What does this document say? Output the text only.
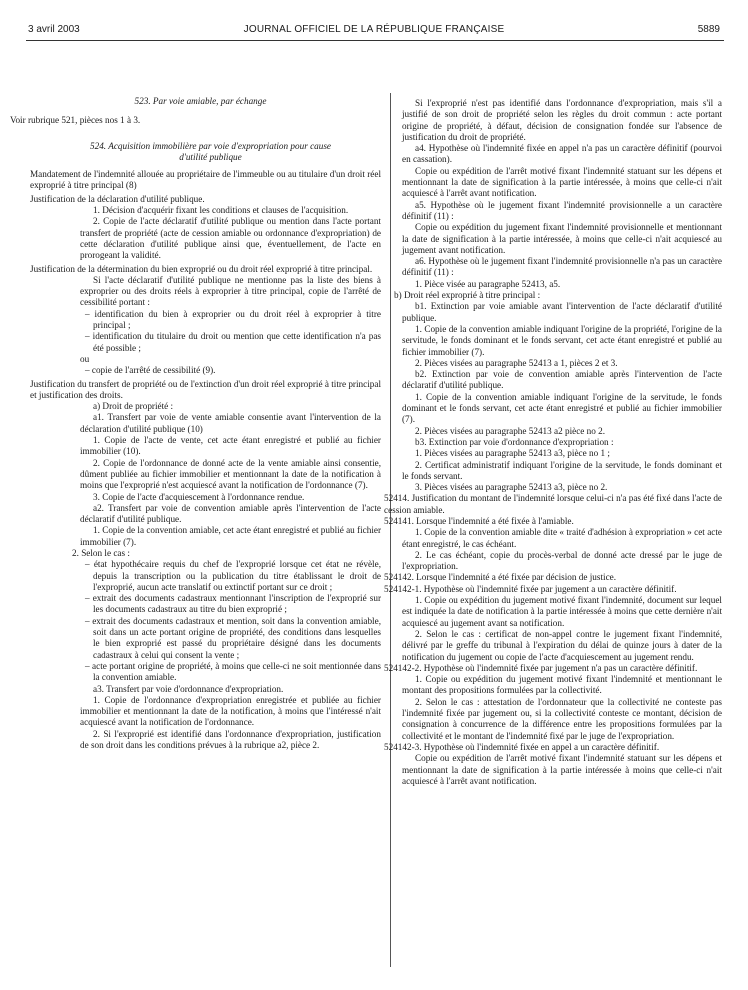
3 avril 2003	JOURNAL OFFICIEL DE LA RÉPUBLIQUE FRANÇAISE	5889

523. Par voie amiable, par échange

Voir rubrique 521, pièces nos 1 à 3.

524. Acquisition immobilière par voie d'expropriation pour cause d'utilité publique

Mandatement de l'indemnité allouée au propriétaire de l'immeuble ou au titulaire d'un droit réel exproprié à titre principal (8)

Justification de la déclaration d'utilité publique.

1. Décision d'acquérir fixant les conditions et clauses de l'acquisition.

2. Copie de l'acte déclaratif d'utilité publique ou mention dans l'acte portant transfert de propriété (acte de cession amiable ou ordonnance d'expropriation) de cette déclaration d'utilité publique ainsi que, éventuellement, de l'acte en prorogeant la validité.

Justification de la détermination du bien exproprié ou du droit réel exproprié à titre principal.

Si l'acte déclaratif d'utilité publique ne mentionne pas la liste des biens à exproprier ou des droits réels à exproprier à titre principal, copie de l'arrêté de cessibilité portant :

– identification du bien à exproprier ou du droit réel à exproprier à titre principal ;

– identification du titulaire du droit ou mention que cette identification n'a pas été possible ;

ou

– copie de l'arrêté de cessibilité (9).

Justification du transfert de propriété ou de l'extinction d'un droit réel exproprié à titre principal et justification des droits.

a) Droit de propriété :

a1. Transfert par voie de vente amiable consentie avant l'intervention de la déclaration d'utilité publique (10)

1. Copie de l'acte de vente, cet acte étant enregistré et publié au fichier immobilier (10).

2. Copie de l'ordonnance de donné acte de la vente amiable ainsi consentie, dûment publiée au fichier immobilier et mentionnant la date de la notification à moins que l'exproprié n'est acquiescé avant la notification de l'ordonnance (7).

3. Copie de l'acte d'acquiescement à l'ordonnance rendue.

a2. Transfert par voie de convention amiable après l'intervention de l'acte déclaratif d'utilité publique.

1. Copie de la convention amiable, cet acte étant enregistré et publié au fichier immobilier (7).

2. Selon le cas :

– état hypothécaire requis du chef de l'exproprié lorsque cet état ne révèle, depuis la transcription ou la publication du titre établissant le droit de l'exproprié, aucun acte translatif ou extinctif portant sur ce droit ;

– extrait des documents cadastraux mentionnant l'inscription de l'exproprié sur les documents cadastraux au titre du bien exproprié ;

– extrait des documents cadastraux et mention, soit dans la convention amiable, soit dans un acte portant origine de propriété, des conditions dans lesquelles le bien exproprié est passé du propriétaire désigné dans les documents cadastraux à celui qui consent la vente ;

– acte portant origine de propriété, à moins que celle-ci ne soit mentionnée dans la convention amiable.

a3. Transfert par voie d'ordonnance d'expropriation.

1. Copie de l'ordonnance d'expropriation enregistrée et publiée au fichier immobilier et mentionnant la date de la notification, à moins que l'intéressé n'ait acquiescé avant la notification de l'ordonnance.

2. Si l'exproprié est identifié dans l'ordonnance d'expropriation, justification de son droit dans les conditions prévues à la rubrique a2, pièce 2.

Si l'exproprié n'est pas identifié dans l'ordonnance d'expropriation, mais s'il a justifié de son droit de propriété selon les règles du droit commun : acte portant origine de propriété, à défaut, décision de consignation fondée sur l'absence de justification du droit de propriété.

a4. Hypothèse où l'indemnité fixée en appel n'a pas un caractère définitif (pourvoi en cassation).

Copie ou expédition de l'arrêt motivé fixant l'indemnité statuant sur les dépens et mentionnant la date de signification à la partie intéressée, à moins que celle-ci n'ait acquiescé à l'arrêt avant notification.

a5. Hypothèse où le jugement fixant l'indemnité provisionnelle a un caractère définitif (11) :

Copie ou expédition du jugement fixant l'indemnité provisionnelle et mentionnant la date de signification à la partie intéressée, à moins que celle-ci n'ait acquiescé au jugement avant notification.

a6. Hypothèse où le jugement fixant l'indemnité provisionnelle n'a pas un caractère définitif (11) :

1. Pièce visée au paragraphe 52413, a5.

b) Droit réel exproprié à titre principal :

b1. Extinction par voie amiable avant l'intervention de l'acte déclaratif d'utilité publique.

1. Copie de la convention amiable indiquant l'origine de la propriété, l'origine de la servitude, le fonds dominant et le fonds servant, cet acte étant enregistré et publié au fichier immobilier (7).

2. Pièces visées au paragraphe 52413 a 1, pièces 2 et 3.

b2. Extinction par voie de convention amiable après l'intervention de l'acte déclaratif d'utilité publique.

1. Copie de la convention amiable indiquant l'origine de la servitude, le fonds dominant et le fonds servant, cet acte étant enregistré et publié au fichier immobilier (7).

2. Pièces visées au paragraphe 52413 a2 pièce no 2.

b3. Extinction par voie d'ordonnance d'expropriation :

1. Pièces visées au paragraphe 52413 a3, pièce no 1 ;

2. Certificat administratif indiquant l'origine de la servitude, le fonds dominant et le fonds servant.

3. Pièces visées au paragraphe 52413 a3, pièce no 2.

52414. Justification du montant de l'indemnité lorsque celui-ci n'a pas été fixé dans l'acte de cession amiable.

524141. Lorsque l'indemnité a été fixée à l'amiable.

1. Copie de la convention amiable dite « traité d'adhésion à expropriation » cet acte étant enregistré, le cas échéant.

2. Le cas échéant, copie du procès-verbal de donné acte dressé par le juge de l'expropriation.

524142. Lorsque l'indemnité a été fixée par décision de justice.

524142-1. Hypothèse où l'indemnité fixée par jugement a un caractère définitif.

1. Copie ou expédition du jugement motivé fixant l'indemnité, document sur lequel est indiquée la date de notification à la partie intéressée à moins que cette dernière n'ait acquiescé au jugement avant sa notification.

2. Selon le cas : certificat de non-appel contre le jugement fixant l'indemnité, délivré par le greffe du tribunal à l'expiration du délai de quinze jours à dater de la notification du jugement ou copie de l'acte d'acquiescement au jugement rendu.

524142-2. Hypothèse où l'indemnité fixée par jugement n'a pas un caractère définitif.

1. Copie ou expédition du jugement motivé fixant l'indemnité et mentionnant le montant des propositions formulées par la collectivité.

2. Selon le cas : attestation de l'ordonnateur que la collectivité ne conteste pas l'indemnité fixée par jugement ou, si la collectivité conteste ce montant, décision de consignation à concurrence de la différence entre les propositions formulées par la collectivité et le montant de l'indemnité fixé par le juge de l'expropriation.

524142-3. Hypothèse où l'indemnité fixée en appel a un caractère définitif.

Copie ou expédition de l'arrêt motivé fixant l'indemnité statuant sur les dépens et mentionnant la date de signification à la partie intéressée à moins que celle-ci n'ait acquiescé à l'arrêt avant notification.
